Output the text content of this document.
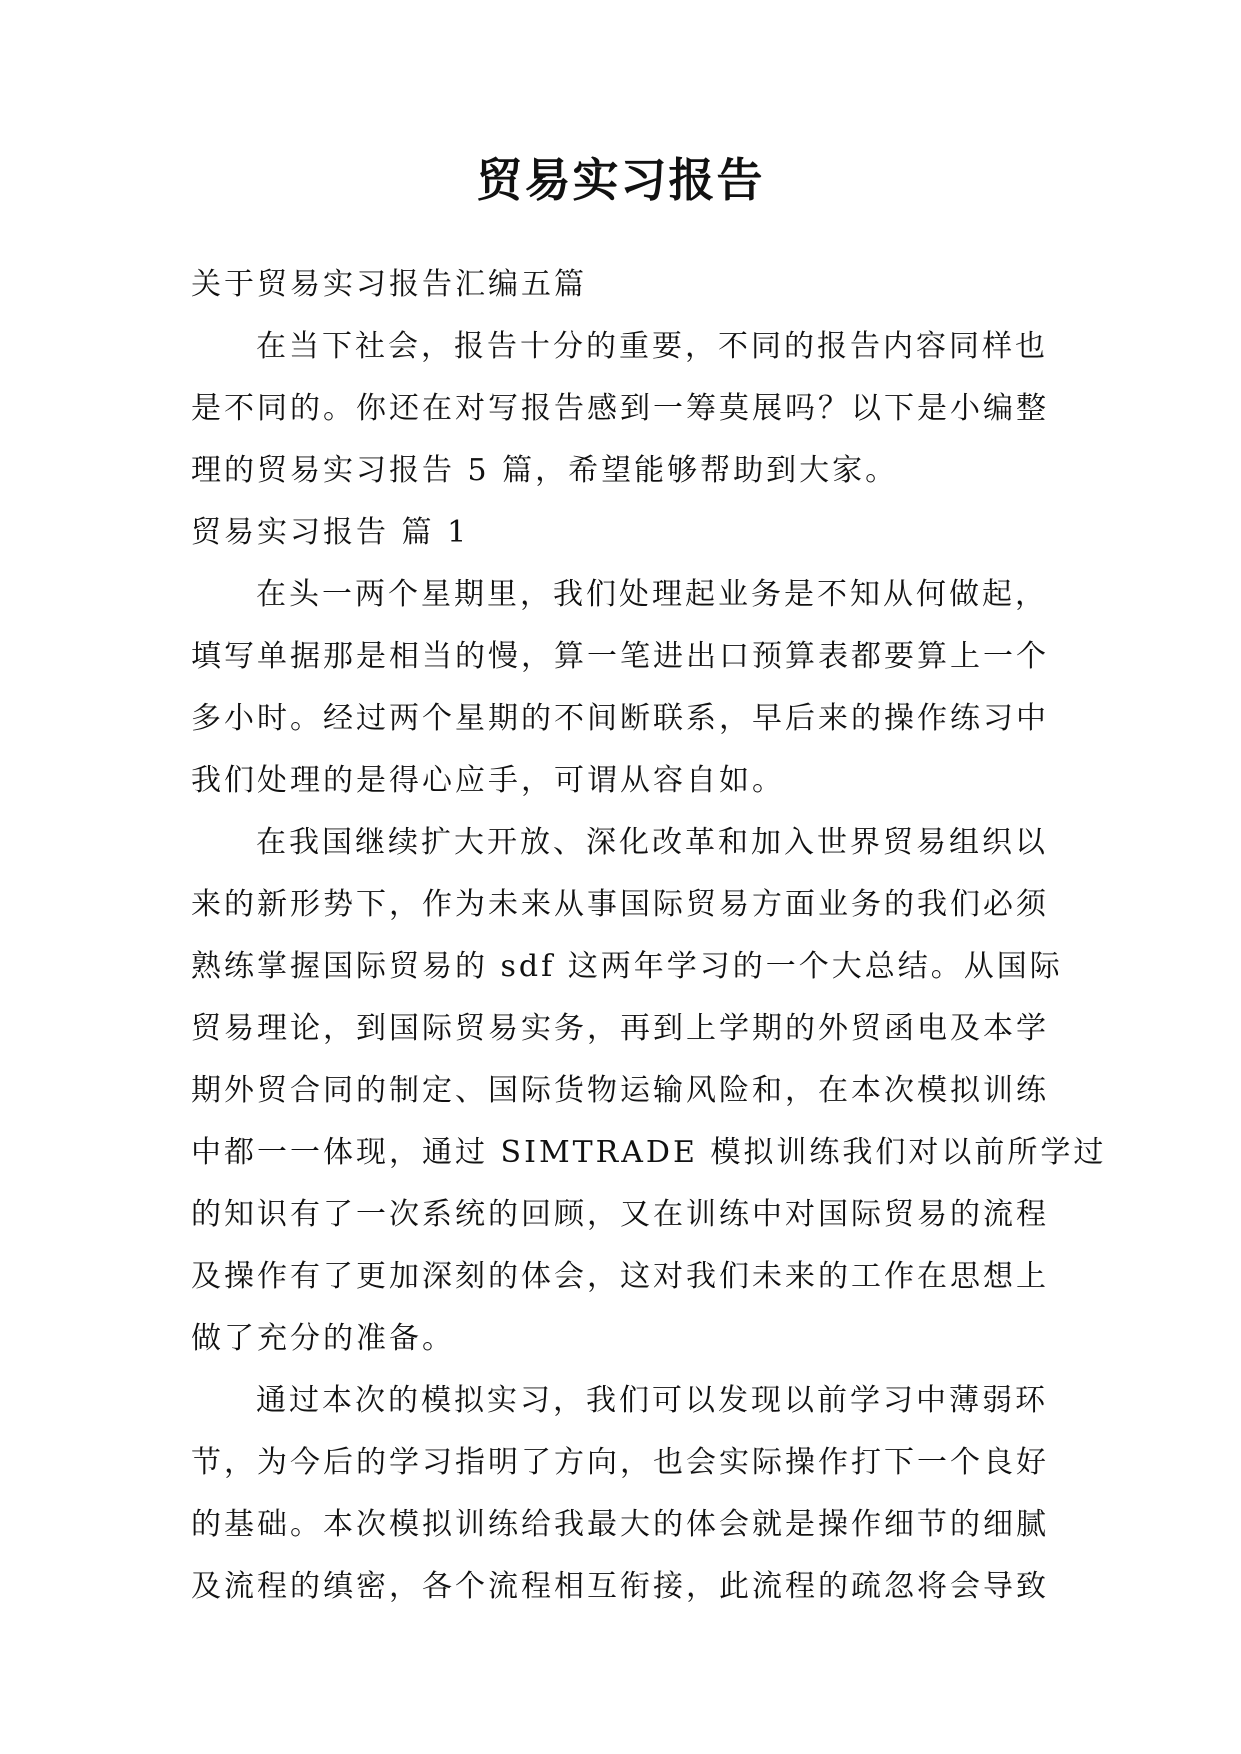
贸易实习报告
关于贸易实习报告汇编五篇
在当下社会，报告十分的重要，不同的报告内容同样也
是不同的。你还在对写报告感到一筹莫展吗？以下是小编整
理的贸易实习报告 5 篇，希望能够帮助到大家。
贸易实习报告 篇 1
在头一两个星期里，我们处理起业务是不知从何做起，
填写单据那是相当的慢，算一笔进出口预算表都要算上一个
多小时。经过两个星期的不间断联系，早后来的操作练习中
我们处理的是得心应手，可谓从容自如。
在我国继续扩大开放、深化改革和加入世界贸易组织以
来的新形势下，作为未来从事国际贸易方面业务的我们必须
熟练掌握国际贸易的 sdf 这两年学习的一个大总结。从国际
贸易理论，到国际贸易实务，再到上学期的外贸函电及本学
期外贸合同的制定、国际货物运输风险和，在本次模拟训练
中都一一体现，通过 SIMTRADE 模拟训练我们对以前所学过
的知识有了一次系统的回顾，又在训练中对国际贸易的流程
及操作有了更加深刻的体会，这对我们未来的工作在思想上
做了充分的准备。
通过本次的模拟实习，我们可以发现以前学习中薄弱环
节，为今后的学习指明了方向，也会实际操作打下一个良好
的基础。本次模拟训练给我最大的体会就是操作细节的细腻
及流程的缜密，各个流程相互衔接，此流程的疏忽将会导致
